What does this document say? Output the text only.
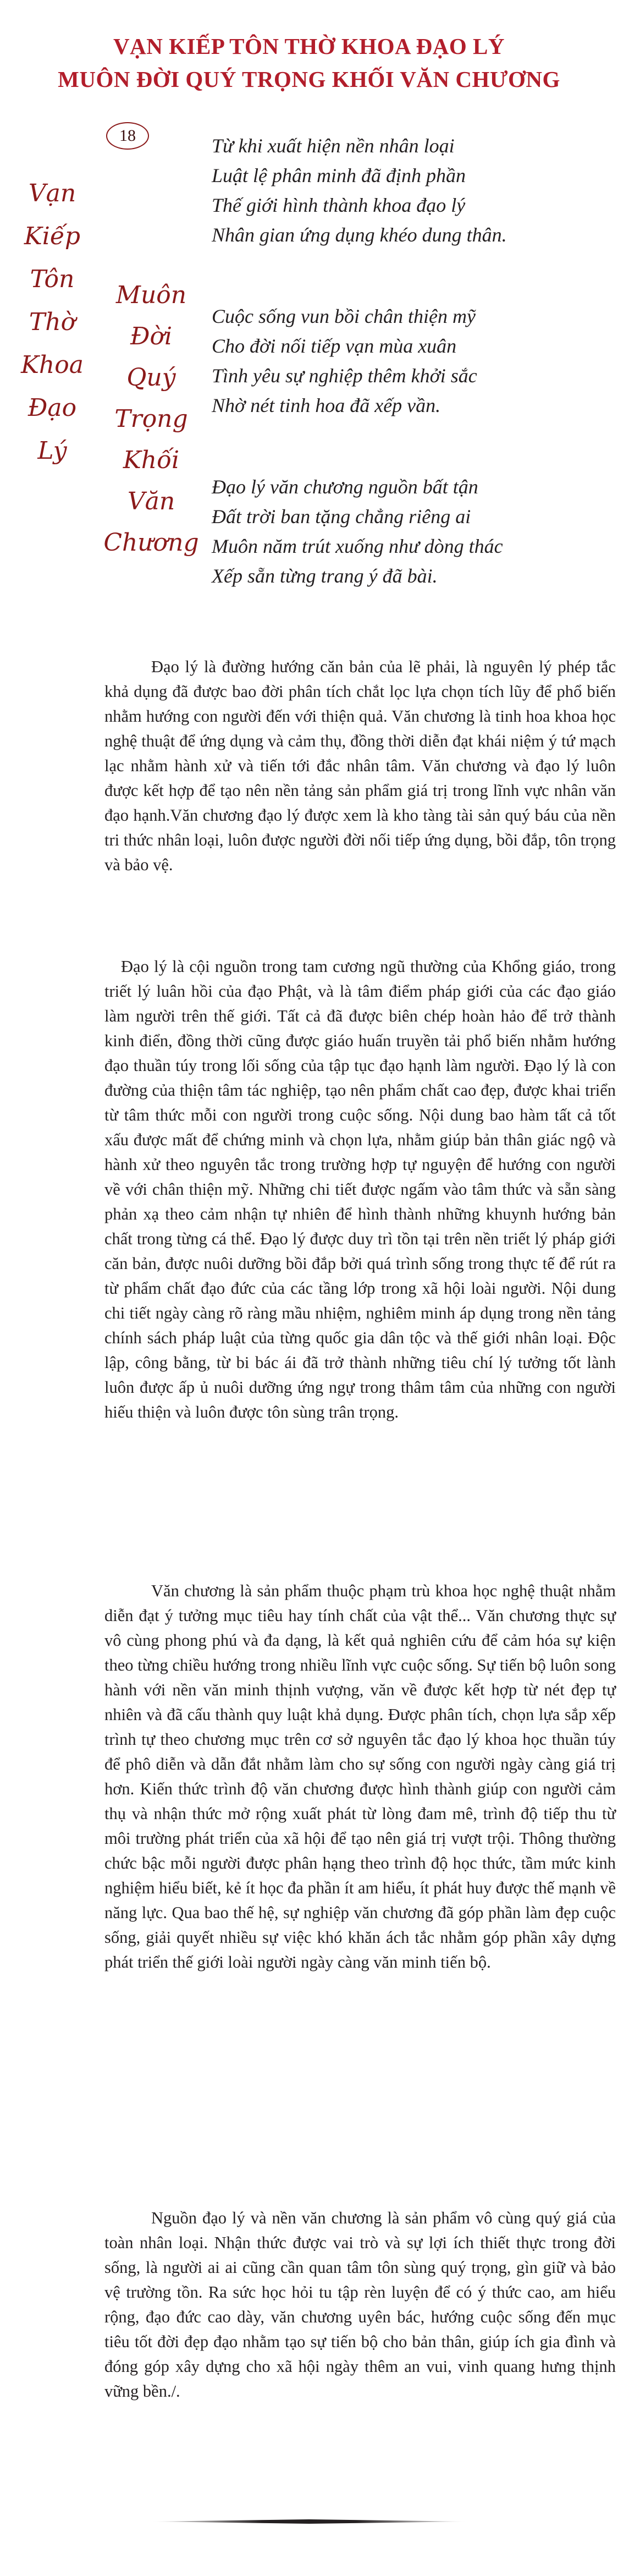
VẠN KIẾP TÔN THỜ KHOA ĐẠO LÝ
MUÔN ĐỜI QUÝ TRỌNG KHỐI VĂN CHƯƠNG
18
Vạn
Kiếp
Tôn
Thờ
Khoa
Đạo
Lý
Muôn
Đời
Quý
Trọng
Khối
Văn
Chương
Từ khi xuất hiện nền nhân loại
Luật lệ phân minh đã định phần
Thế giới hình thành khoa đạo lý
Nhân gian ứng dụng khéo dung thân.
Cuộc sống vun bồi chân thiện mỹ
Cho đời nối tiếp vạn mùa xuân
Tình yêu sự nghiệp thêm khởi sắc
Nhờ nét tinh hoa đã xếp vần.
Đạo lý văn chương nguồn bất tận
Đất trời ban tặng chẳng riêng ai
Muôn năm trút xuống như dòng thác
Xếp sẵn từng trang ý đã bài.

Đạo lý là đường hướng căn bản của lẽ phải, là nguyên lý phép tắc khả dụng đã được bao đời phân tích chắt lọc lựa chọn tích lũy để phổ biến nhằm hướng con người đến với thiện quả. Văn chương là tinh hoa khoa học nghệ thuật để ứng dụng và cảm thụ, đồng thời diễn đạt khái niệm ý tứ mạch lạc nhằm hành xử và tiến tới đắc nhân tâm. Văn chương và đạo lý luôn được kết hợp để tạo nên nền tảng sản phẩm giá trị trong lĩnh vực nhân văn đạo hạnh.Văn chương đạo lý được xem là kho tàng tài sản quý báu của nền tri thức nhân loại, luôn được người đời nối tiếp ứng dụng, bồi đắp, tôn trọng và bảo vệ.

Đạo lý là cội nguồn trong tam cương ngũ thường của Khổng giáo, trong triết lý luân hồi của đạo Phật, và là tâm điểm pháp giới của các đạo giáo làm người trên thế giới. Tất cả đã được biên chép hoàn hảo để trở thành kinh điển, đồng thời cũng được giáo huấn truyền tải phổ biến nhằm hướng đạo thuần túy trong lối sống của tập tục đạo hạnh làm người. Đạo lý là con đường của thiện tâm tác nghiệp, tạo nên phẩm chất cao đẹp, được khai triển từ tâm thức mỗi con người trong cuộc sống. Nội dung bao hàm tất cả tốt xấu được mất để chứng minh và chọn lựa, nhằm giúp bản thân giác ngộ và hành xử theo nguyên tắc trong trường hợp tự nguyện để hướng con người về với chân thiện mỹ. Những chi tiết được ngấm vào tâm thức và sẵn sàng phản xạ theo cảm nhận tự nhiên để hình thành những khuynh hướng bản chất trong từng cá thể. Đạo lý được duy trì tồn tại trên nền triết lý pháp giới căn bản, được nuôi dưỡng bồi đắp bởi quá trình sống trong thực tế để rút ra từ phẩm chất đạo đức của các tầng lớp trong xã hội loài người. Nội dung chi tiết ngày càng rõ ràng mầu nhiệm, nghiêm minh áp dụng trong nền tảng chính sách pháp luật của từng quốc gia dân tộc và thế giới nhân loại. Độc lập, công bằng, từ bi bác ái đã trở thành những tiêu chí lý tưởng tốt lành luôn được ấp ủ nuôi dưỡng ứng ngự trong thâm tâm của những con người hiếu thiện và luôn được tôn sùng trân trọng.

Văn chương là sản phẩm thuộc phạm trù khoa học nghệ thuật nhằm diễn đạt ý tưởng mục tiêu hay tính chất của vật thể... Văn chương thực sự vô cùng phong phú và đa dạng, là kết quả nghiên cứu để cảm hóa sự kiện theo từng chiều hướng trong nhiều lĩnh vực cuộc sống. Sự tiến bộ luôn song hành với nền văn minh thịnh vượng, văn về được kết hợp từ nét đẹp tự nhiên và đã cấu thành quy luật khả dụng. Được phân tích, chọn lựa sắp xếp trình tự theo chương mục trên cơ sở nguyên tắc đạo lý khoa học thuần túy để phô diễn và dẫn đắt nhằm làm cho sự sống con người ngày càng giá trị hơn. Kiến thức trình độ văn chương được hình thành giúp con người cảm thụ và nhận thức mở rộng xuất phát từ lòng đam mê, trình độ tiếp thu từ môi trường phát triển của xã hội để tạo nên giá trị vượt trội. Thông thường chức bậc mỗi người được phân hạng theo trình độ học thức, tầm mức kinh nghiệm hiểu biết, kẻ ít học đa phần ít am hiểu, ít phát huy được thế mạnh về năng lực. Qua bao thế hệ, sự nghiệp văn chương đã góp phần làm đẹp cuộc sống, giải quyết nhiều sự việc khó khăn ách tắc nhằm góp phần xây dựng phát triển thế giới loài người ngày càng văn minh tiến bộ.

Nguồn đạo lý và nền văn chương là sản phẩm vô cùng quý giá của toàn nhân loại. Nhận thức được vai trò và sự lợi ích thiết thực trong đời sống, là người ai ai cũng cần quan tâm tôn sùng quý trọng, gìn giữ và bảo vệ trường tồn. Ra sức học hỏi tu tập rèn luyện để có ý thức cao, am hiểu rộng, đạo đức cao dày, văn chương uyên bác, hướng cuộc sống đến mục tiêu tốt đời đẹp đạo nhằm tạo sự tiến bộ cho bản thân, giúp ích gia đình và đóng góp xây dựng cho xã hội ngày thêm an vui, vinh quang hưng thịnh vững bền./.
